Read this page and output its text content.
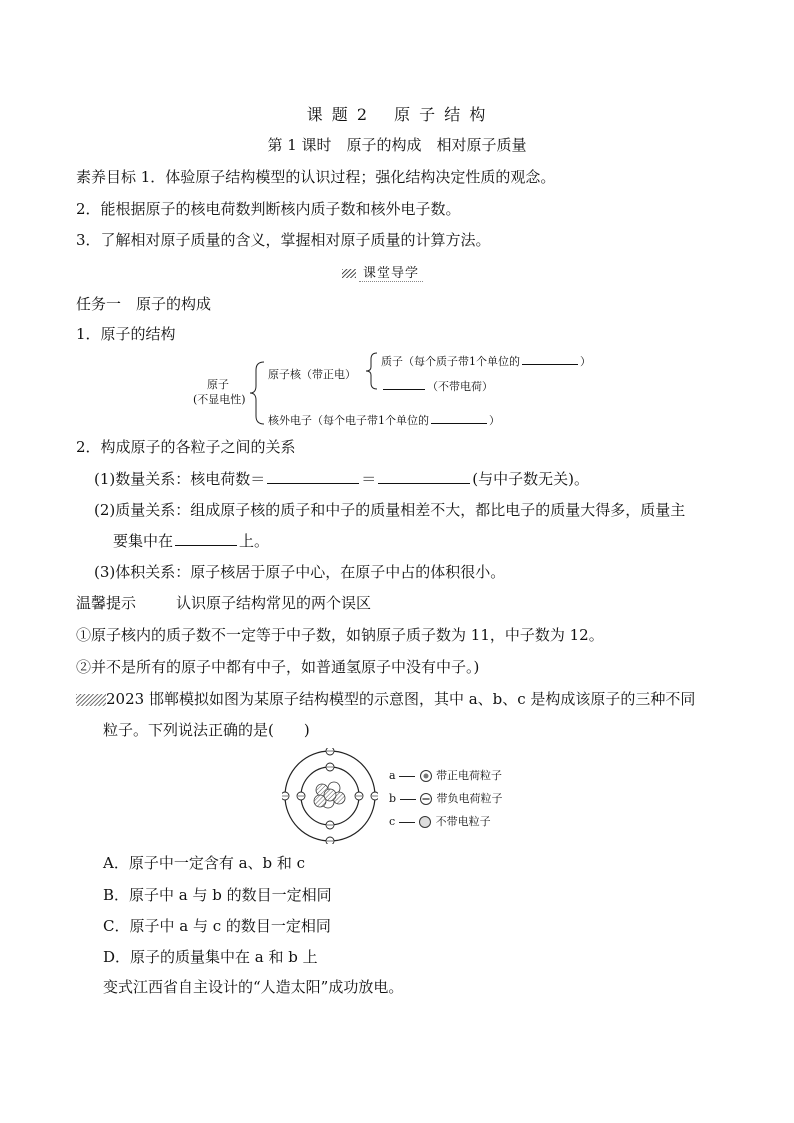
课 题 2　 原 子 结 构
第 1 课时　原子的构成　相对原子质量
素养目标 1．体验原子结构模型的认识过程；强化结构决定性质的观念。
2．能根据原子的核电荷数判断核内质子数和核外电子数。
3．了解相对原子质量的含义，掌握相对原子质量的计算方法。
课堂导学
任务一　原子的构成
1．原子的结构
原子
(不显电性)
原子核（带正电）
质子（每个质子带1个单位的	）
（不带电荷）
核外电子（每个电子带1个单位的	）
2．构成原子的各粒子之间的关系
(1)数量关系：核电荷数＝	＝	(与中子数无关)。
(2)质量关系：组成原子核的质子和中子的质量相差不大，都比电子的质量大得多，质量主
要集中在	上。
(3)体积关系：原子核居于原子中心，在原子中占的体积很小。
温馨提示	认识原子结构常见的两个误区
①原子核内的质子数不一定等于中子数，如钠原子质子数为 11，中子数为 12。
②并不是所有的原子中都有中子，如普通氢原子中没有中子。)
2023 邯郸模拟如图为某原子结构模型的示意图，其中 a、b、c 是构成该原子的三种不同
粒子。下列说法正确的是(　　)
a	带正电荷粒子
b	带负电荷粒子
c	不带电粒子
A．原子中一定含有 a、b 和 c
B．原子中 a 与 b 的数目一定相同
C．原子中 a 与 c 的数目一定相同
D．原子的质量集中在 a 和 b 上
变式江西省自主设计的“人造太阳”成功放电。
